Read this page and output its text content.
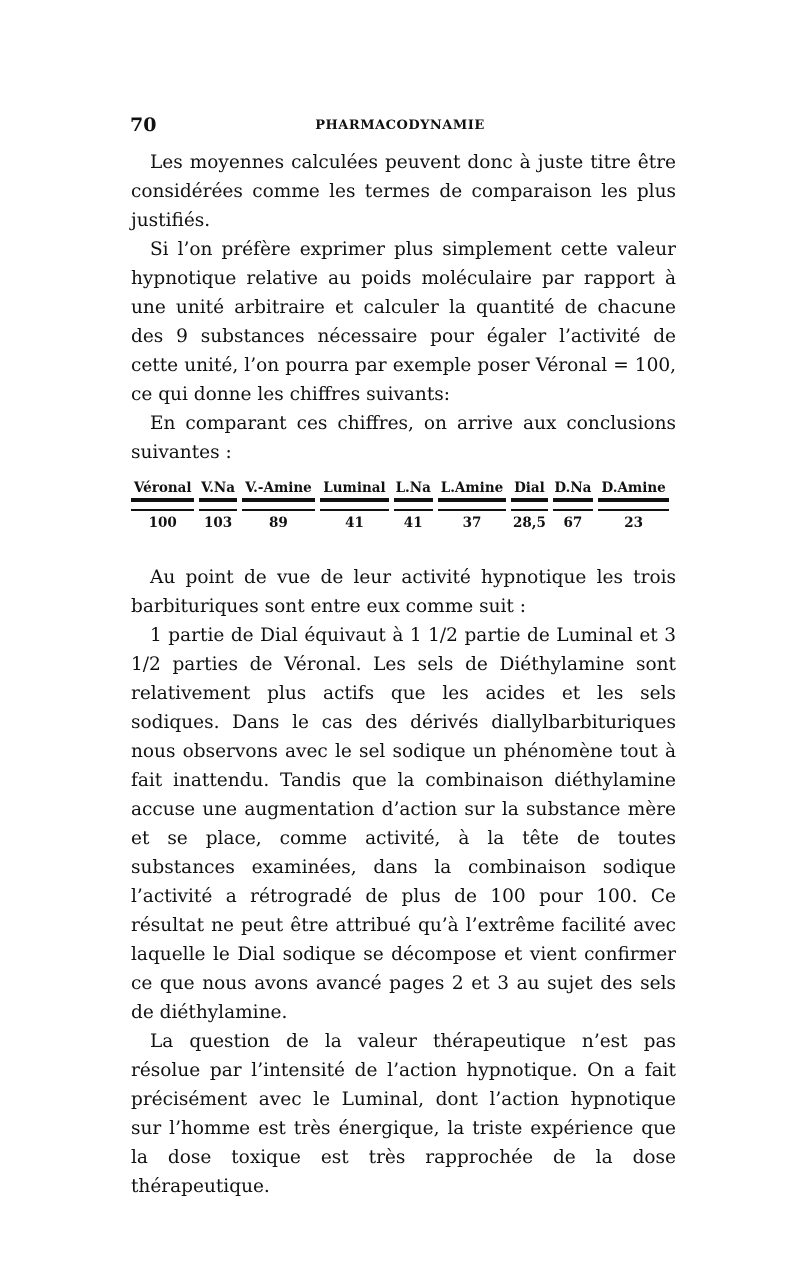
70	PHARMACODYNAMIE

Les moyennes calculées peuvent donc à juste titre être considérées comme les termes de comparaison les plus justifiés.

Si l’on préfère exprimer plus simplement cette valeur hypnotique relative au poids moléculaire par rapport à une unité arbitraire et calculer la quantité de chacune des 9 substances nécessaire pour égaler l’activité de cette unité, l’on pourra par exemple poser Véronal = 100, ce qui donne les chiffres suivants:

En comparant ces chiffres, on arrive aux conclusions suivantes :

Véronal	V.Na	V.-Amine	Luminal	L.Na	L.Amine	Dial	D.Na	D.Amine

100	103	89	41	41	37	28,5	67	23

Au point de vue de leur activité hypnotique les trois barbituriques sont entre eux comme suit :

1 partie de Dial équivaut à 1 1/2 partie de Luminal et 3 1/2 parties de Véronal. Les sels de Diéthylamine sont relativement plus actifs que les acides et les sels sodiques. Dans le cas des dérivés diallylbarbituriques nous observons avec le sel sodique un phénomène tout à fait inattendu. Tandis que la combinaison diéthylamine accuse une augmentation d’action sur la substance mère et se place, comme activité, à la tête de toutes substances examinées, dans la combinaison sodique l’activité a rétrogradé de plus de 100 pour 100. Ce résultat ne peut être attribué qu’à l’extrême facilité avec laquelle le Dial sodique se décompose et vient confirmer ce que nous avons avancé pages 2 et 3 au sujet des sels de diéthylamine.

La question de la valeur thérapeutique n’est pas résolue par l’intensité de l’action hypnotique. On a fait précisément avec le Luminal, dont l’action hypnotique sur l’homme est très énergique, la triste expérience que la dose toxique est très rapprochée de la dose thérapeutique.
